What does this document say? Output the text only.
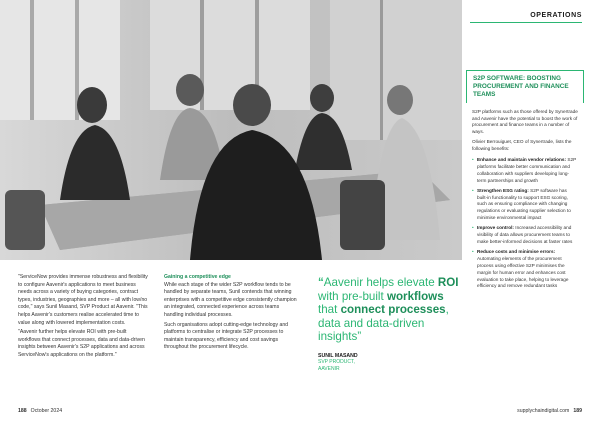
OPERATIONS

S2P SOFTWARE: BOOSTING PROCUREMENT AND FINANCE TEAMS

S2P platforms such as those offered by Synertrade and Aavenir have the potential to boost the work of procurement and finance teams in a number of ways.

Olivier Berrouiguet, CEO of Synertrade, lists the following benefits:

• Enhance and maintain vendor relations: S2P platforms facilitate better communication and collaboration with suppliers developing long-term partnerships and growth
• Strengthen ESG rating: S2P software has built-in functionality to support ESG scoring, such as ensuring compliance with changing regulations or evaluating supplier selection to minimise environmental impact
• Improve control: Increased accessibility and visibility of data allows procurement teams to make better-informed decisions at faster rates
• Reduce costs and minimise errors: Automating elements of the procurement process using effective S2P minimises the margin for human error and enhances cost evaluation to take place, helping to leverage efficiency and remove redundant tasks

"ServiceNow provides immense robustness and flexibility to configure Aavenir's applications to meet business needs across a variety of buying categories, contract types, industries, geographies and more – all with low/no code," says Sunil Masand, SVP Product at Aavenir. "This helps Aavenir's customers realise accelerated time to value along with lowered implementation costs.

"Aavenir further helps elevate ROI with pre-built workflows that connect processes, data and data-driven insights between Aavenir's S2P applications and across ServiceNow's applications on the platform."

Gaining a competitive edge

While each stage of the wider S2P workflow tends to be handled by separate teams, Sunil contends that winning enterprises with a competitive edge consistently champion an integrated, connected experience across teams handling individual processes.

Such organisations adopt cutting-edge technology and platforms to centralise or integrate S2P processes to maintain transparency, efficiency and cost savings throughout the procurement lifecycle.

“Aavenir helps elevate ROI with pre-built workflows that connect processes, data and data-driven insights”

SUNIL MASAND
SVP PRODUCT,
AAVENIR
188 October 2024	supplychaindigital.com 189
